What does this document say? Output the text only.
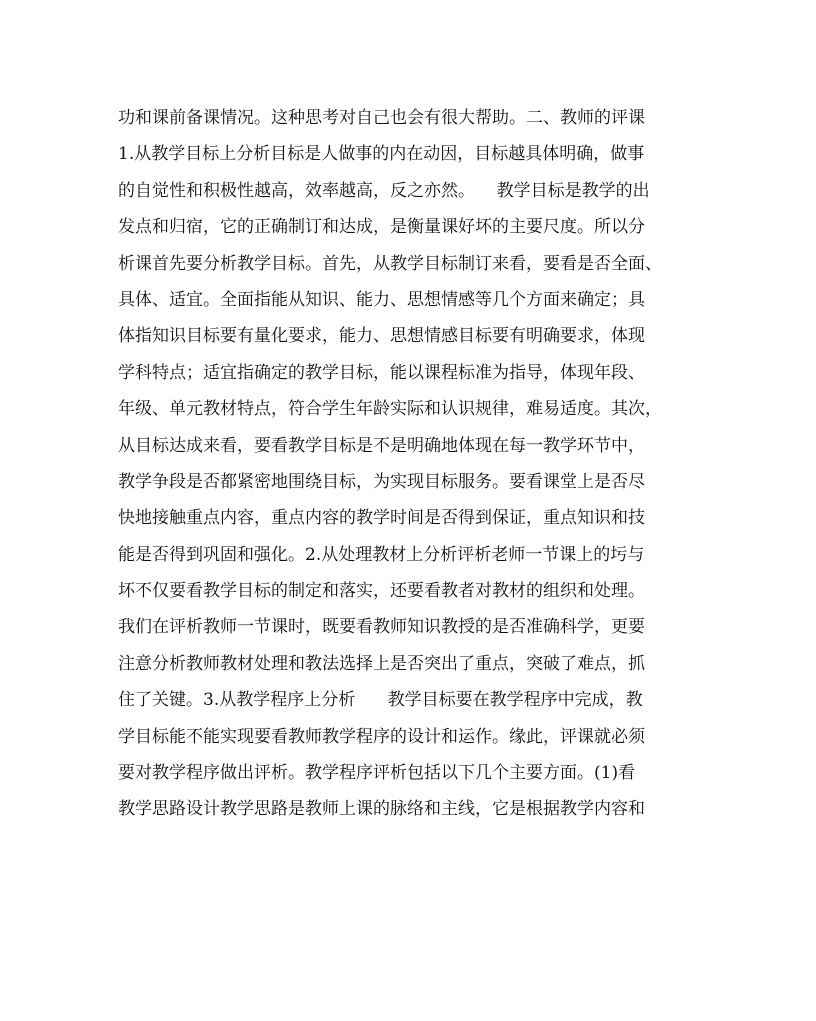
功和课前备课情况。这种思考对自己也会有很大帮助。二、教师的评课
1.从教学目标上分析目标是人做事的内在动因，目标越具体明确，做事
的自觉性和积极性越高，效率越高，反之亦然。    教学目标是教学的出
发点和归宿，它的正确制订和达成，是衡量课好坏的主要尺度。所以分
析课首先要分析教学目标。首先，从教学目标制订来看，要看是否全面、
具体、适宜。全面指能从知识、能力、思想情感等几个方面来确定；具
体指知识目标要有量化要求，能力、思想情感目标要有明确要求，体现
学科特点；适宜指确定的教学目标，能以课程标准为指导，体现年段、
年级、单元教材特点，符合学生年龄实际和认识规律，难易适度。其次，
从目标达成来看，要看教学目标是不是明确地体现在每一教学环节中，
教学争段是否都紧密地围绕目标，为实现目标服务。要看课堂上是否尽
快地接触重点内容，重点内容的教学时间是否得到保证，重点知识和技
能是否得到巩固和强化。2.从处理教材上分析评析老师一节课上的圬与
坏不仅要看教学目标的制定和落实，还要看教者对教材的组织和处理。
我们在评析教师一节课时，既要看教师知识教授的是否准确科学，更要
注意分析教师教材处理和教法选择上是否突出了重点，突破了难点，抓
住了关键。3.从教学程序上分析      教学目标要在教学程序中完成，教
学目标能不能实现要看教师教学程序的设计和运作。缘此，评课就必须
要对教学程序做出评析。教学程序评析包括以下几个主要方面。(1)看
教学思路设计教学思路是教师上课的脉络和主线，它是根据教学内容和
